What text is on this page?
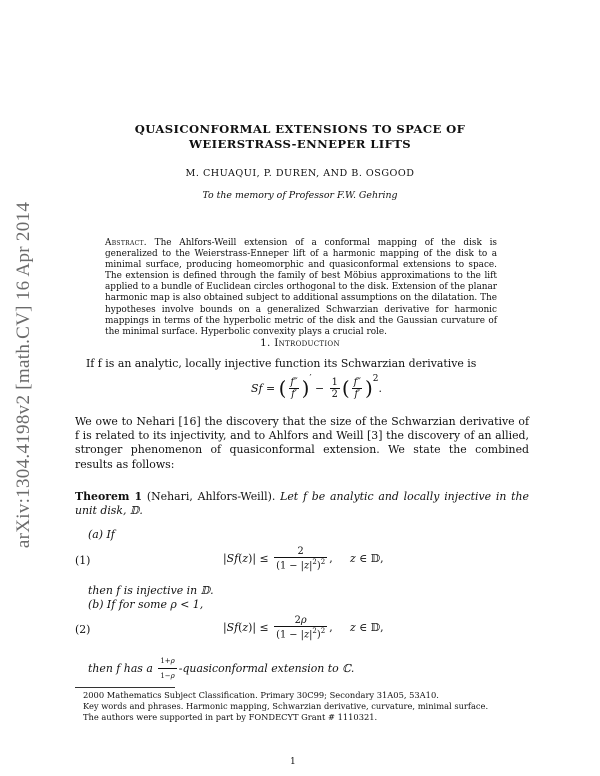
arXiv:1304.4198v2 [math.CV] 16 Apr 2014
QUASICONFORMAL EXTENSIONS TO SPACE OF
WEIERSTRASS-ENNEPER LIFTS
M. CHUAQUI, P. DUREN, AND B. OSGOOD
To the memory of Professor F.W. Gehring
Abstract. The Ahlfors-Weill extension of a conformal mapping of the disk is generalized to the Weierstrass-Enneper lift of a harmonic mapping of the disk to a minimal surface, producing homeomorphic and quasiconformal extensions to space. The extension is defined through the family of best Möbius approximations to the lift applied to a bundle of Euclidean circles orthogonal to the disk. Extension of the planar harmonic map is also obtained subject to additional assumptions on the dilatation. The hypotheses involve bounds on a generalized Schwarzian derivative for harmonic mappings in terms of the hyperbolic metric of the disk and the Gaussian curvature of the minimal surface. Hyperbolic convexity plays a crucial role.
1. Introduction
If f is an analytic, locally injective function its Schwarzian derivative is
Sf = ( $\frac{f''}{f'}$ ) ′
− $\frac{1}{2}$ ( $\frac{f''}{f'}$ ) 2
.
We owe to Nehari [16] the discovery that the size of the Schwarzian derivative of f is related to its injectivity, and to Ahlfors and Weill [3] the discovery of an allied, stronger phenomenon of quasiconformal extension. We state the combined results as follows:
Theorem 1 (Nehari, Ahlfors-Weill). Let f be analytic and locally injective in the unit disk, 𝔻.
(a) If
(1)	| Sf ( z )| ≤ $\frac{2}{(1 - |z|^2)^2}$ , z ∈ 𝔻,
then f is injective in 𝔻.
(b) If for some ρ < 1,
(2)	| Sf ( z )| ≤ $\frac{2\rho}{(1 - |z|^2)^2}$ , z ∈ 𝔻,
then f has a
$\frac{1+\rho}{1-\rho}$ -quasiconformal extension to ℂ.
2000 Mathematics Subject Classification. Primary 30C99; Secondary 31A05, 53A10.
Key words and phrases. Harmonic mapping, Schwarzian derivative, curvature, minimal surface.
The authors were supported in part by FONDECYT Grant # 1110321.
1
